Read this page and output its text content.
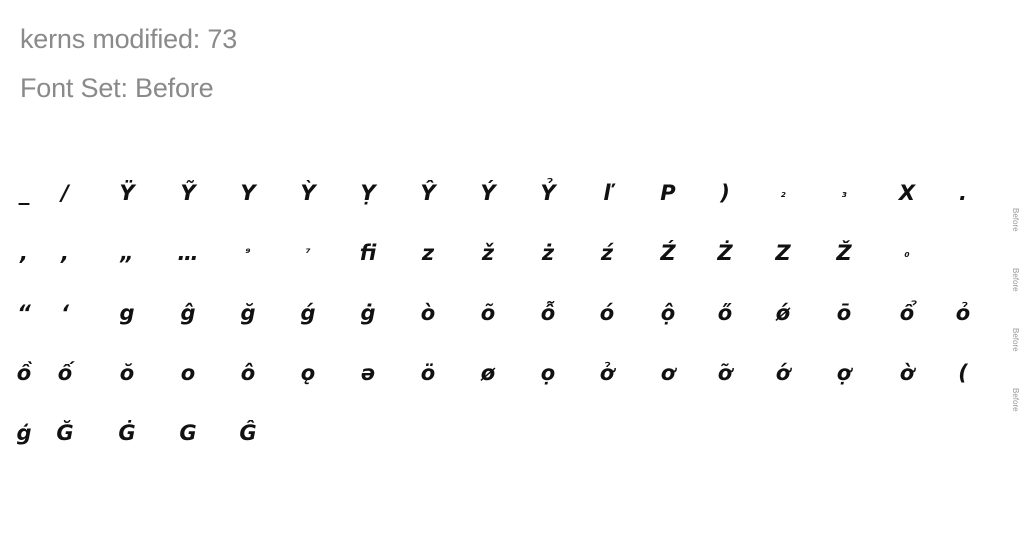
kerns modified: 73
Font Set: Before
_	/	Ÿ	Ỹ	Y	Ỳ	Ỵ	Ŷ	Ý	Ỷ	ľ	P	)	₂	₃	X	.
Before
,	,	„	…	⁹	⁷	ﬁ	z	ž	ż	ź	Ź	Ż	Z	Ž	₀
Before
“	‘	g	ĝ	ğ	ǵ	ġ	ò	õ	ỗ	ó	ộ	ő	ǿ	ō	ổ	ỏ
Before
ồ	ố	ŏ	o	ô	ǫ	ə	ö	ø	ọ	ở	ơ	ỡ	ớ	ợ	ờ	(
Before
ģ	Ğ	Ġ	G	Ĝ
